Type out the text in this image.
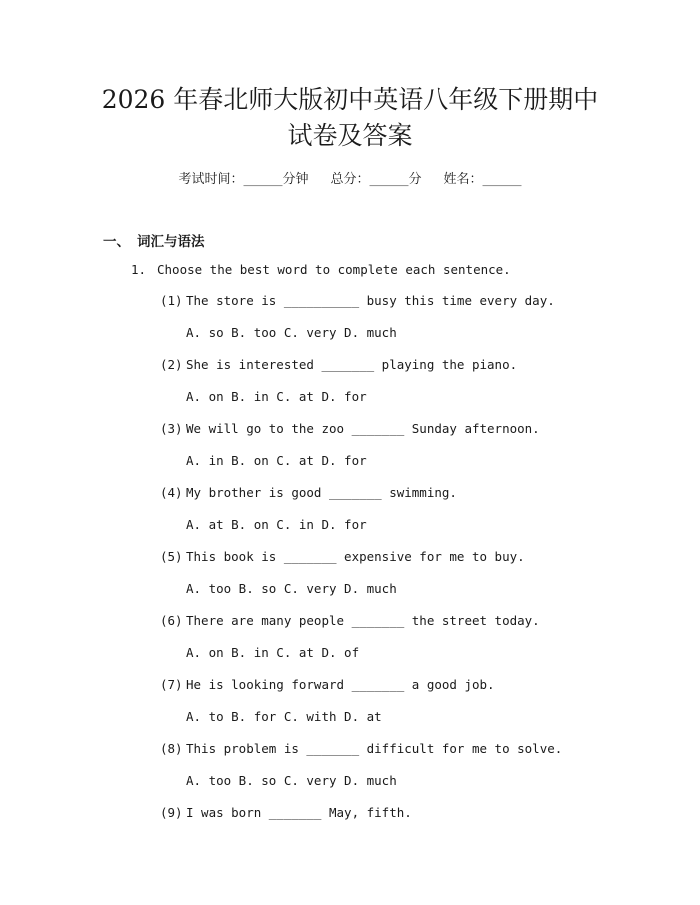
2026 年春北师大版初中英语八年级下册期中
试卷及答案
考试时间：______分钟 总分：______分 姓名：______
一、 词汇与语法
1. Choose the best word to complete each sentence.
(1) The store is __________ busy this time every day.
A. so B. too C. very D. much
(2) She is interested _______ playing the piano.
A. on B. in C. at D. for
(3) We will go to the zoo _______ Sunday afternoon.
A. in B. on C. at D. for
(4) My brother is good _______ swimming.
A. at B. on C. in D. for
(5) This book is _______ expensive for me to buy.
A. too B. so C. very D. much
(6) There are many people _______ the street today.
A. on B. in C. at D. of
(7) He is looking forward _______ a good job.
A. to B. for C. with D. at
(8) This problem is _______ difficult for me to solve.
A. too B. so C. very D. much
(9) I was born _______ May, fifth.
